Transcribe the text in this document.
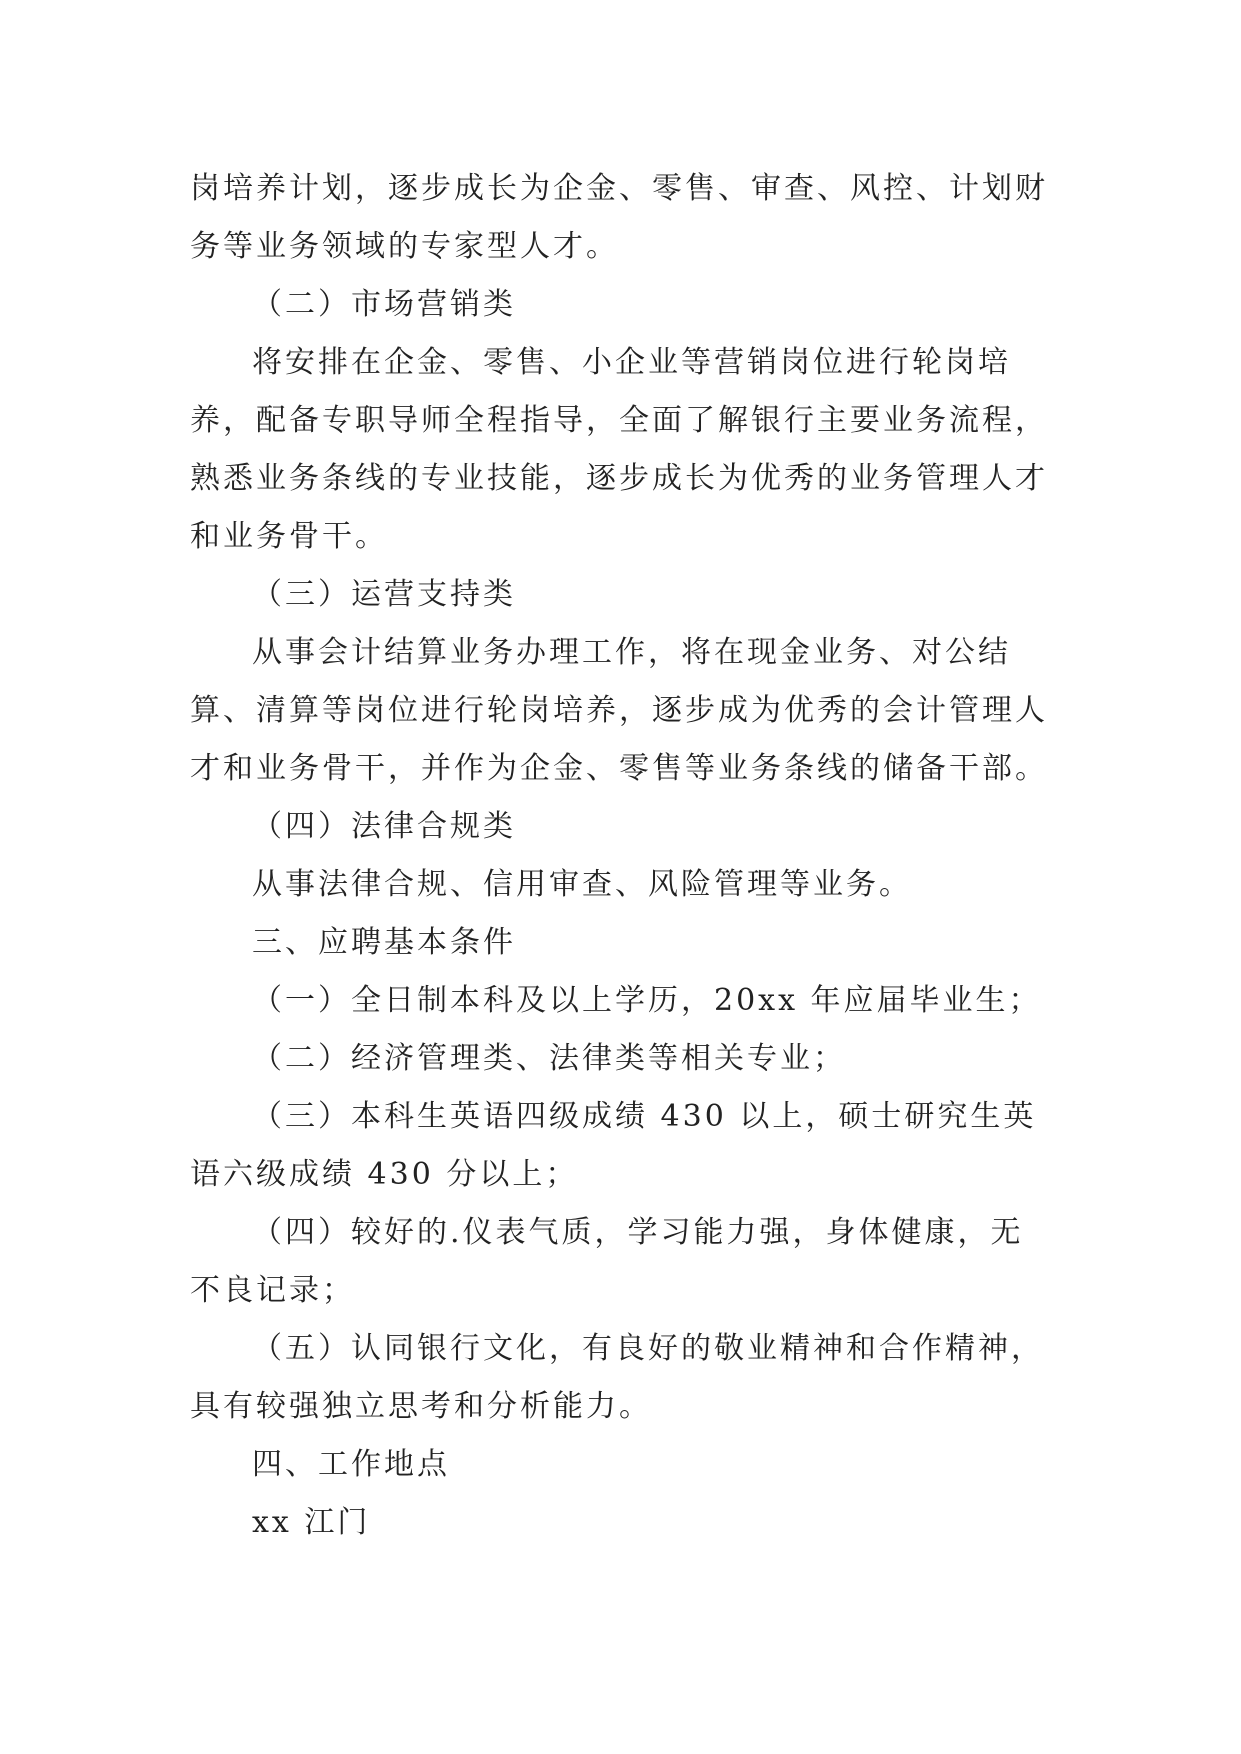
岗培养计划，逐步成长为企金、零售、审查、风控、计划财务等业务领域的专家型人才。

（二）市场营销类

将安排在企金、零售、小企业等营销岗位进行轮岗培养，配备专职导师全程指导，全面了解银行主要业务流程，熟悉业务条线的专业技能，逐步成长为优秀的业务管理人才和业务骨干。

（三）运营支持类

从事会计结算业务办理工作，将在现金业务、对公结算、清算等岗位进行轮岗培养，逐步成为优秀的会计管理人才和业务骨干，并作为企金、零售等业务条线的储备干部。

（四）法律合规类

从事法律合规、信用审查、风险管理等业务。

三、应聘基本条件

（一）全日制本科及以上学历，20xx 年应届毕业生；

（二）经济管理类、法律类等相关专业；

（三）本科生英语四级成绩 430 以上，硕士研究生英语六级成绩 430 分以上；

（四）较好的.仪表气质，学习能力强，身体健康，无不良记录；

（五）认同银行文化，有良好的敬业精神和合作精神，具有较强独立思考和分析能力。

四、工作地点

xx 江门
